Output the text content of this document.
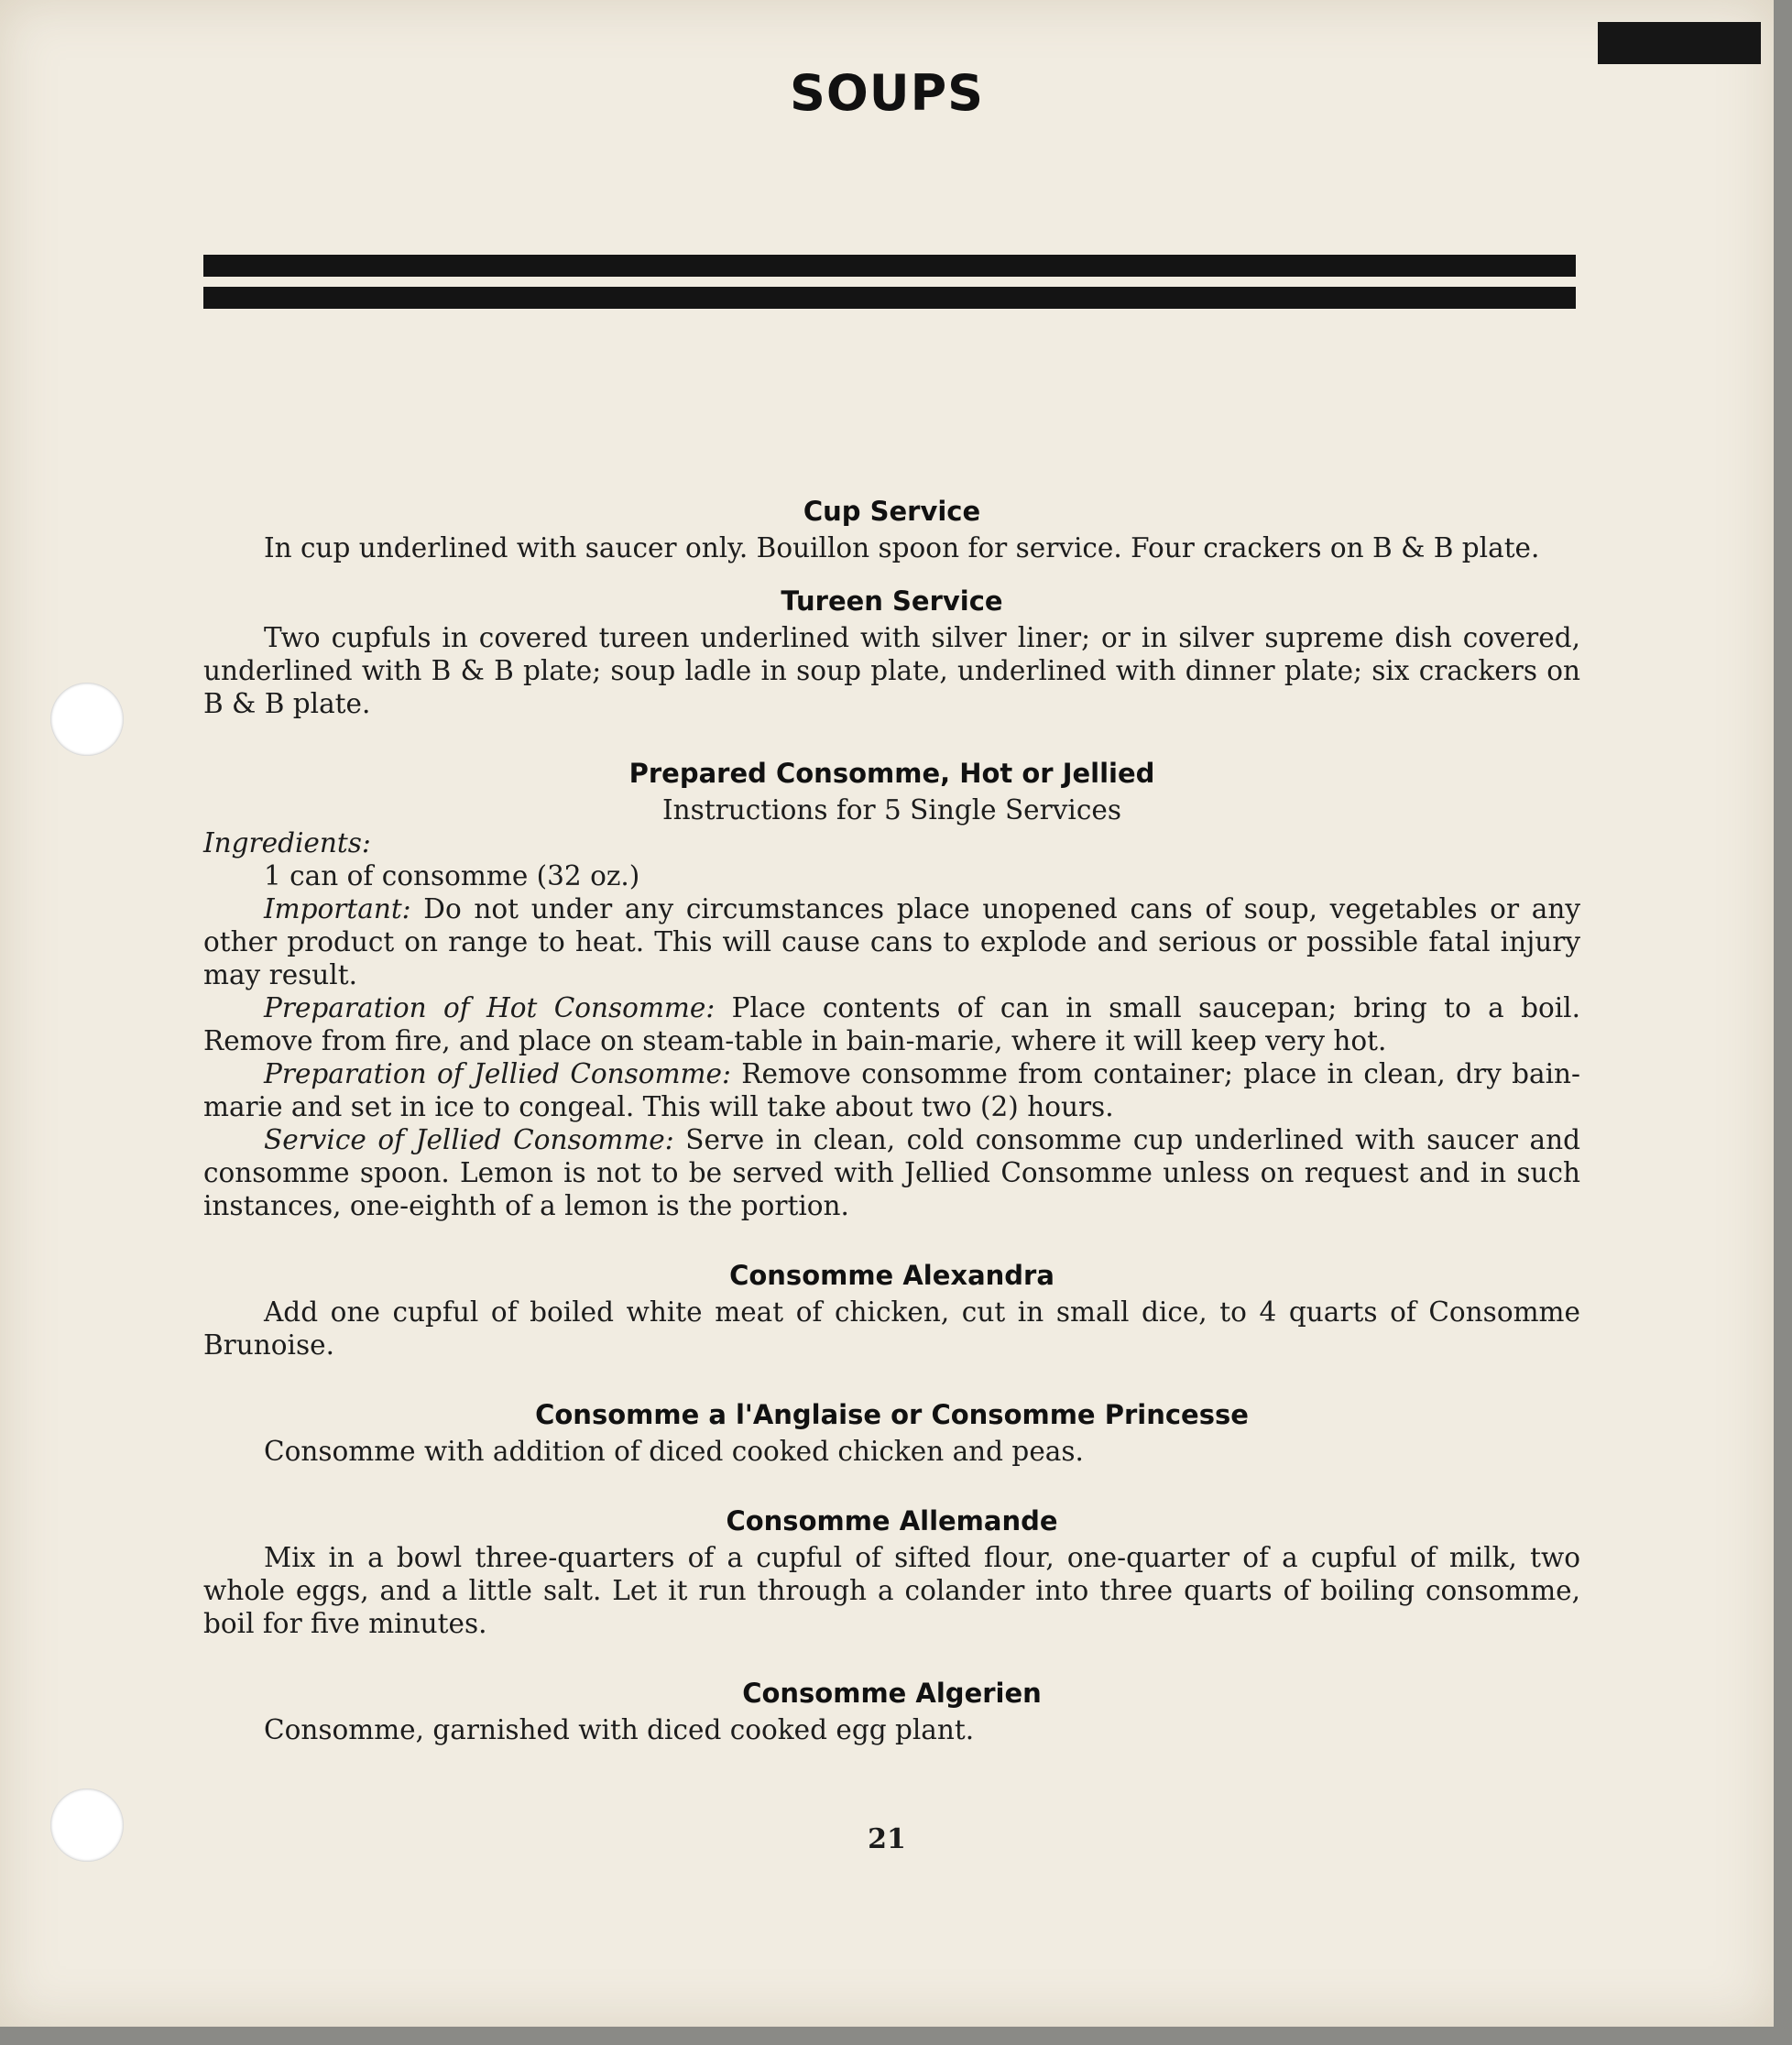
SOUPS
Cup Service

In cup underlined with saucer only. Bouillon spoon for service. Four crackers on B & B plate.

Tureen Service

Two cupfuls in covered tureen underlined with silver liner; or in silver supreme dish covered, underlined with B & B plate; soup ladle in soup plate, underlined with dinner plate; six crackers on B & B plate.

Prepared Consomme, Hot or Jellied

Instructions for 5 Single Services

Ingredients:

1 can of consomme (32 oz.)

Important: Do not under any circumstances place unopened cans of soup, vegetables or any other product on range to heat. This will cause cans to explode and serious or possible fatal injury may result.

Preparation of Hot Consomme: Place contents of can in small saucepan; bring to a boil. Remove from fire, and place on steam-table in bain-marie, where it will keep very hot.

Preparation of Jellied Consomme: Remove consomme from container; place in clean, dry bain-marie and set in ice to congeal. This will take about two (2) hours.

Service of Jellied Consomme: Serve in clean, cold consomme cup underlined with saucer and consomme spoon. Lemon is not to be served with Jellied Consomme unless on request and in such instances, one-eighth of a lemon is the portion.

Consomme Alexandra

Add one cupful of boiled white meat of chicken, cut in small dice, to 4 quarts of Consomme Brunoise.

Consomme a l'Anglaise or Consomme Princesse

Consomme with addition of diced cooked chicken and peas.

Consomme Allemande

Mix in a bowl three-quarters of a cupful of sifted flour, one-quarter of a cupful of milk, two whole eggs, and a little salt. Let it run through a colander into three quarts of boiling consomme, boil for five minutes.

Consomme Algerien

Consomme, garnished with diced cooked egg plant.

21
